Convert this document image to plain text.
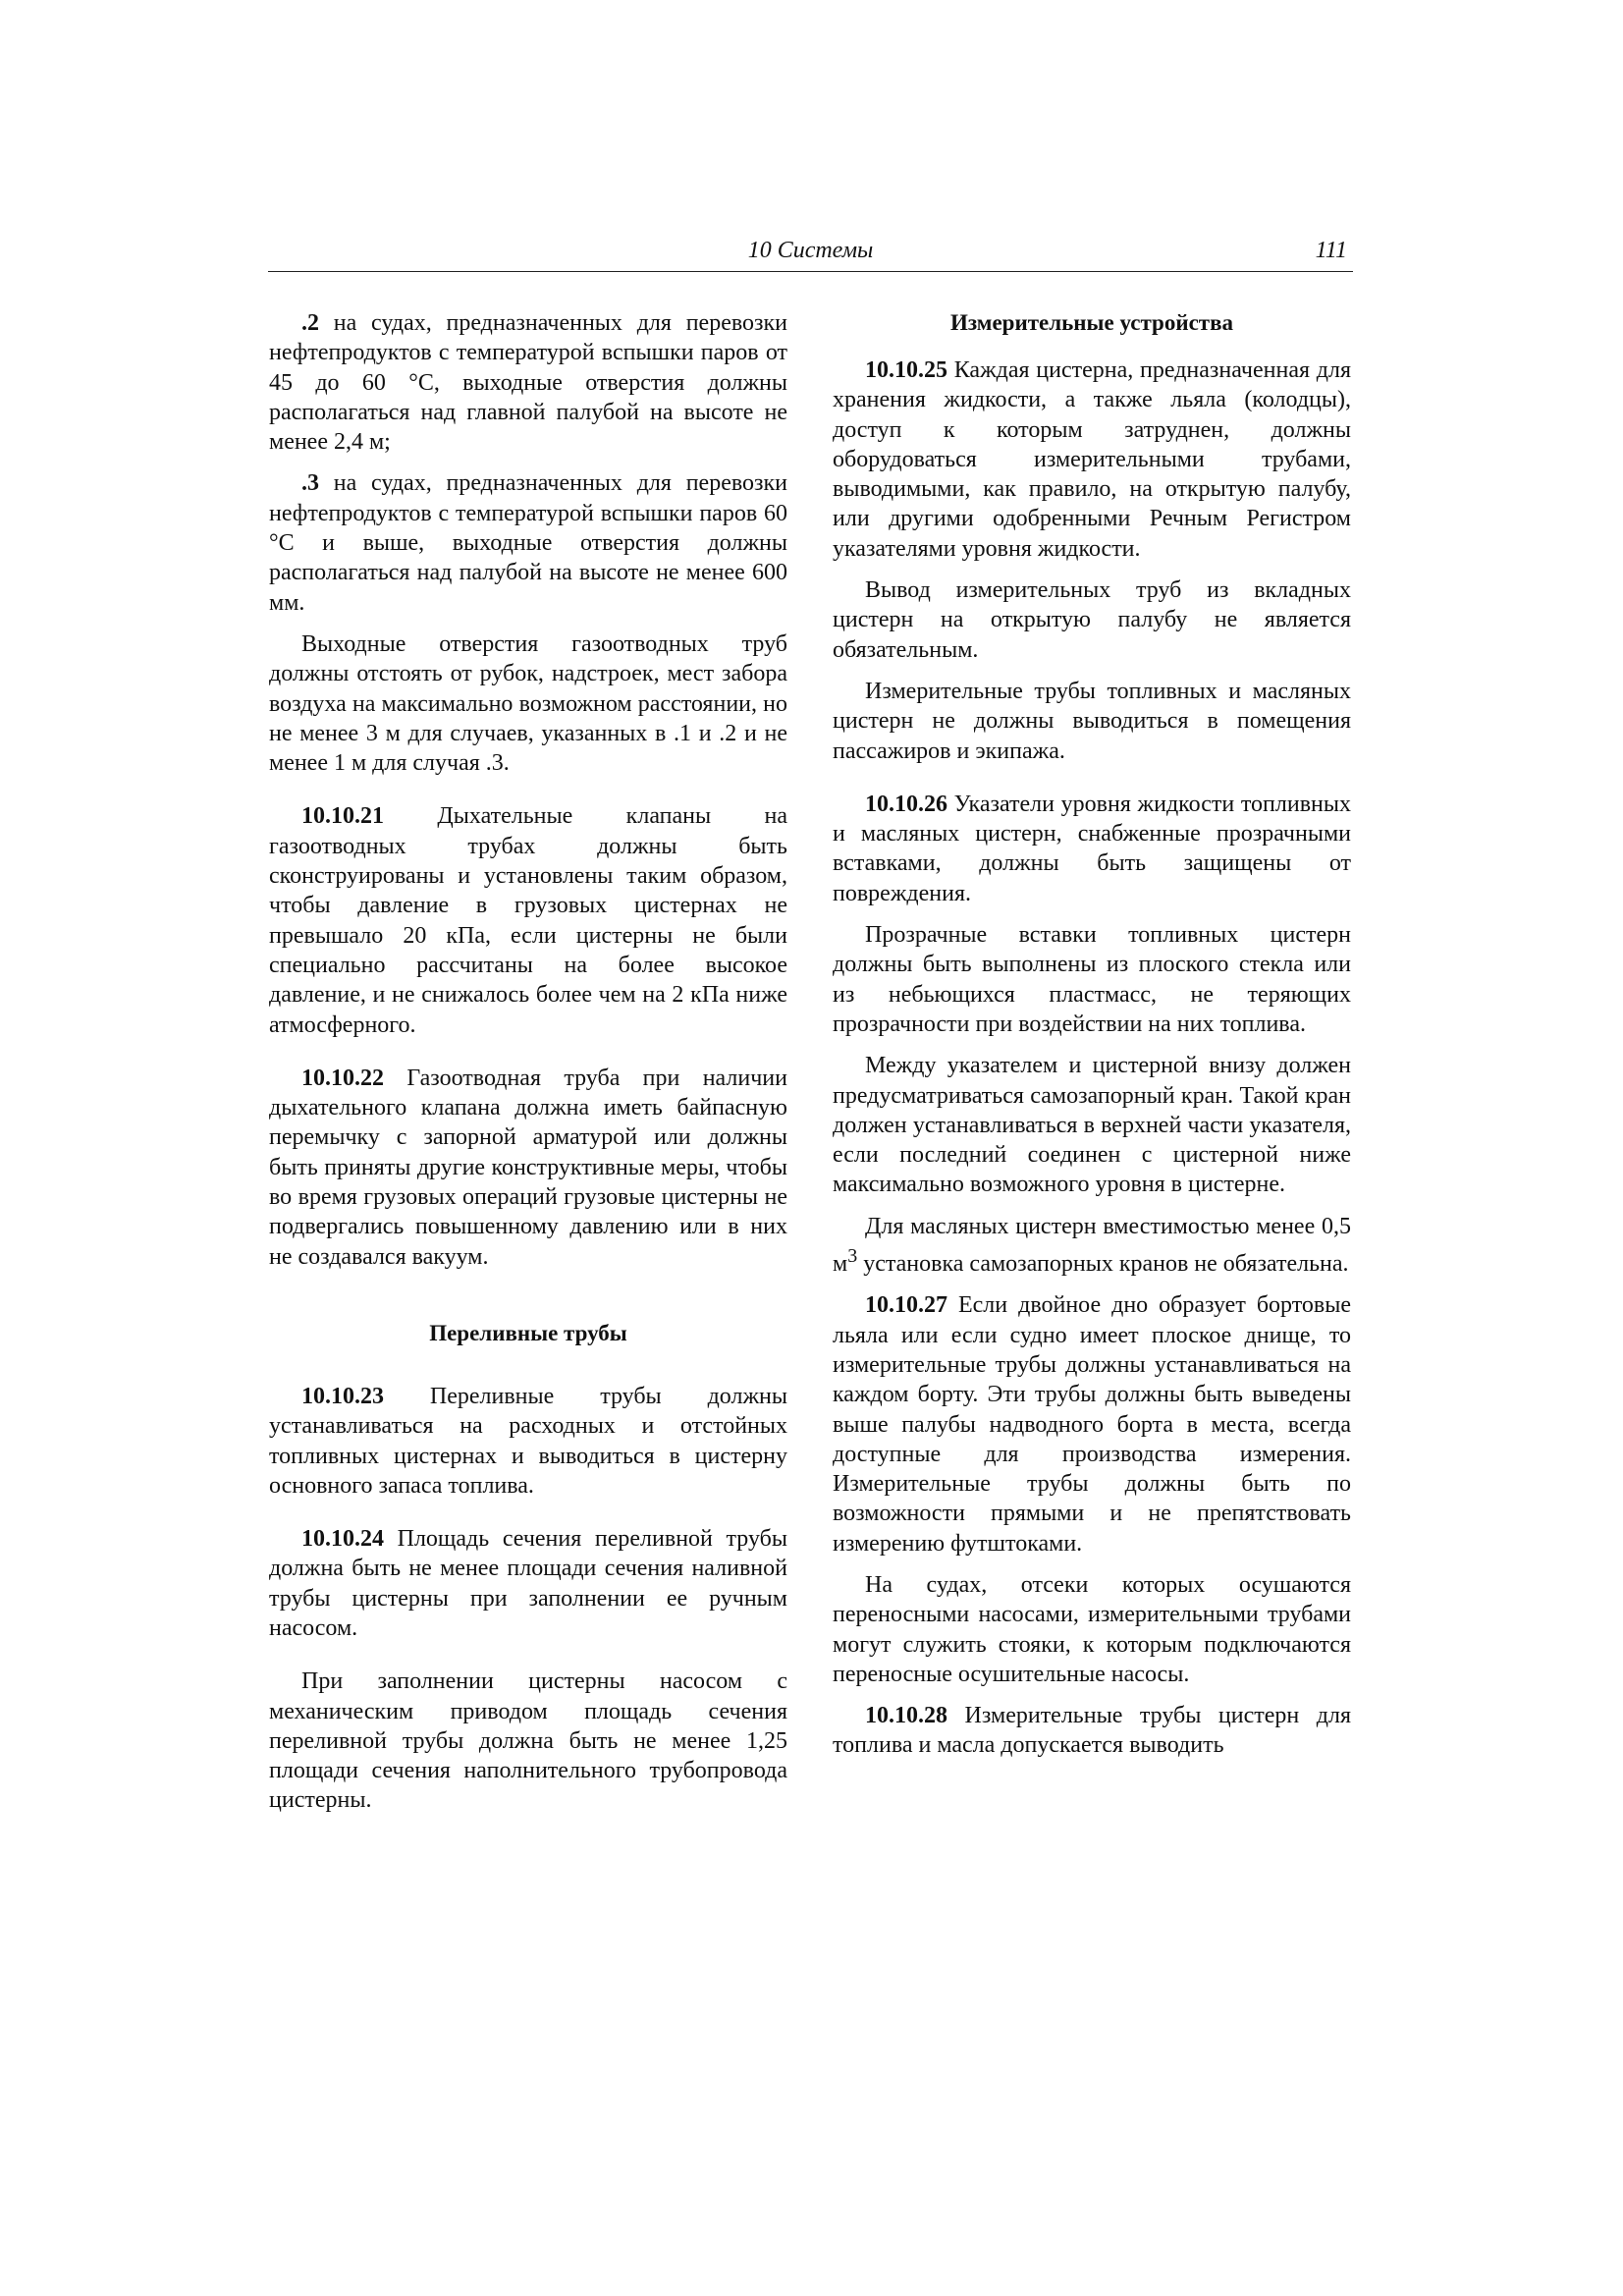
10 Системы	111

.2 на судах, предназначенных для перевозки нефтепродуктов с температурой вспышки паров от 45 до 60 °С, выходные отверстия должны располагаться над главной палубой на высоте не менее 2,4 м;

.3 на судах, предназначенных для перевозки нефтепродуктов с температурой вспышки паров 60 °С и выше, выходные отверстия должны располагаться над палубой на высоте не менее 600 мм.

Выходные отверстия газоотводных труб должны отстоять от рубок, надстроек, мест забора воздуха на максимально возможном расстоянии, но не менее 3 м для случаев, указанных в .1 и .2 и не менее 1 м для случая .3.

10.10.21 Дыхательные клапаны на газоотводных трубах должны быть сконструированы и установлены таким образом, чтобы давление в грузовых цистернах не превышало 20 кПа, если цистерны не были специально рассчитаны на более высокое давление, и не снижалось более чем на 2 кПа ниже атмосферного.

10.10.22 Газоотводная труба при наличии дыхательного клапана должна иметь байпасную перемычку с запорной арматурой или должны быть приняты другие конструктивные меры, чтобы во время грузовых операций грузовые цистерны не подвергались повышенному давлению или в них не создавался вакуум.

Переливные трубы

10.10.23 Переливные трубы должны устанавливаться на расходных и отстойных топливных цистернах и выводиться в цистерну основного запаса топлива.

10.10.24 Площадь сечения переливной трубы должна быть не менее площади сечения наливной трубы цистерны при заполнении ее ручным насосом.

При заполнении цистерны насосом с механическим приводом площадь сечения переливной трубы должна быть не менее 1,25 площади сечения наполнительного трубопровода цистерны.

Измерительные устройства

10.10.25 Каждая цистерна, предназначенная для хранения жидкости, а также льяла (колодцы), доступ к которым затруднен, должны оборудоваться измерительными трубами, выводимыми, как правило, на открытую палубу, или другими одобренными Речным Регистром указателями уровня жидкости.

Вывод измерительных труб из вкладных цистерн на открытую палубу не является обязательным.

Измерительные трубы топливных и масляных цистерн не должны выводиться в помещения пассажиров и экипажа.

10.10.26 Указатели уровня жидкости топливных и масляных цистерн, снабженные прозрачными вставками, должны быть защищены от повреждения.

Прозрачные вставки топливных цистерн должны быть выполнены из плоского стекла или из небьющихся пластмасс, не теряющих прозрачности при воздействии на них топлива.

Между указателем и цистерной внизу должен предусматриваться самозапорный кран. Такой кран должен устанавливаться в верхней части указателя, если последний соединен с цистерной ниже максимально возможного уровня в цистерне.

Для масляных цистерн вместимостью менее 0,5 $м^3$ установка самозапорных кранов не обязательна.

10.10.27 Если двойное дно образует бортовые льяла или если судно имеет плоское днище, то измерительные трубы должны устанавливаться на каждом борту. Эти трубы должны быть выведены выше палубы надводного борта в места, всегда доступные для производства измерения. Измерительные трубы должны быть по возможности прямыми и не препятствовать измерению футштоками.

На судах, отсеки которых осушаются переносными насосами, измерительными трубами могут служить стояки, к которым подключаются переносные осушительные насосы.

10.10.28 Измерительные трубы цистерн для топлива и масла допускается выводить
